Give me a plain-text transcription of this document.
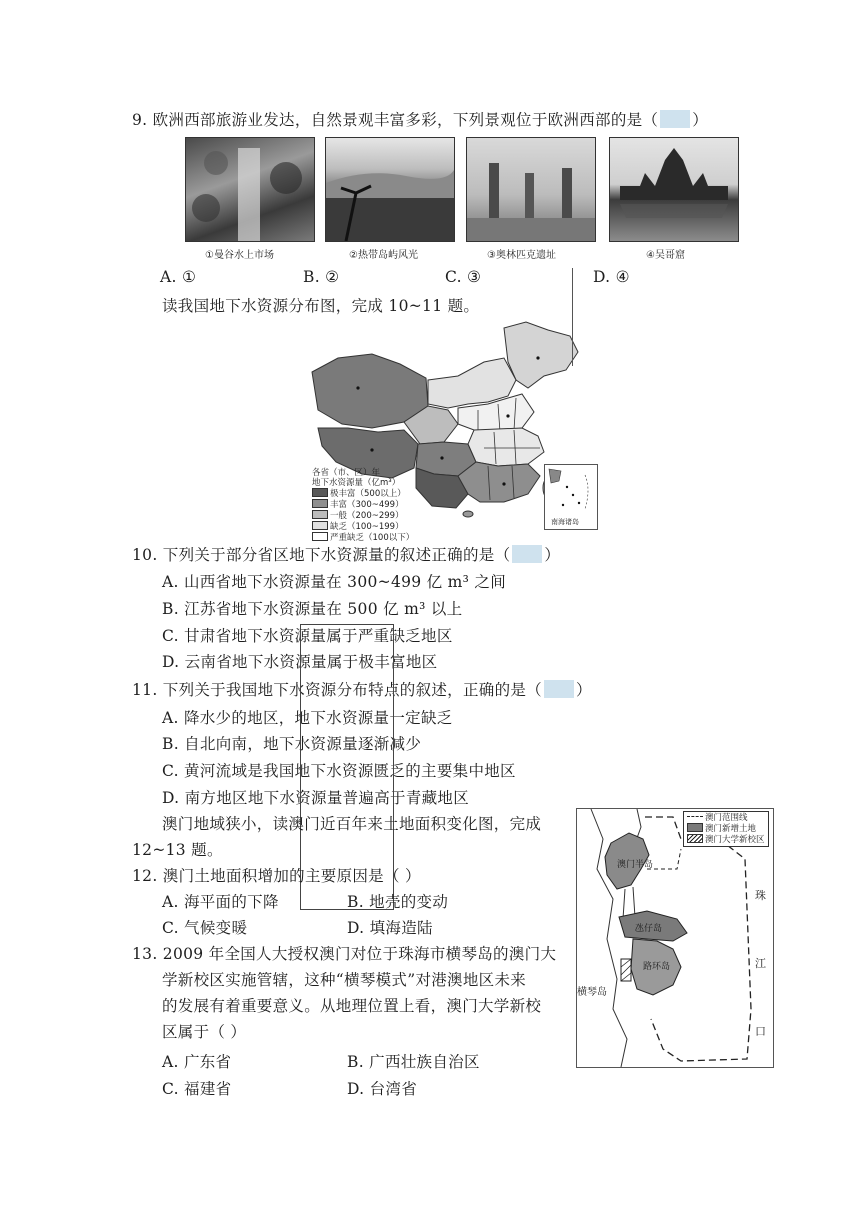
9. 欧洲西部旅游业发达，自然景观丰富多彩，下列景观位于欧洲西部的是（ ）
①曼谷水上市场	②热带岛屿风光	③奥林匹克遗址	④吴哥窟
A. ①	B. ②	C. ③	D. ④
读我国地下水资源分布图，完成 10~11 题。
各省（市、区）年
地下水资源量（亿m³）
极丰富（500以上）
丰富（300~499）
一般（200~299）
缺乏（100~199）
严重缺乏（100以下）
南海诸岛
10. 下列关于部分省区地下水资源量的叙述正确的是（ ）
A. 山西省地下水资源量在 300~499 亿 m³ 之间
B. 江苏省地下水资源量在 500 亿 m³ 以上
C. 甘肃省地下水资源量属于严重缺乏地区
D. 云南省地下水资源量属于极丰富地区
11. 下列关于我国地下水资源分布特点的叙述，正确的是（ ）
A. 降水少的地区，地下水资源量一定缺乏
B. 自北向南，地下水资源量逐渐减少
C. 黄河流域是我国地下水资源匮乏的主要集中地区
D. 南方地区地下水资源量普遍高于青藏地区
澳门地域狭小，读澳门近百年来土地面积变化图，完成
12~13 题。
12. 澳门土地面积增加的主要原因是（ ）
A. 海平面的下降	B. 地壳的变动
C. 气候变暖	D. 填海造陆
13. 2009 年全国人大授权澳门对位于珠海市横琴岛的澳门大
学新校区实施管辖，这种“横琴模式”对港澳地区未来
的发展有着重要意义。从地理位置上看，澳门大学新校
区属于（ ）
A. 广东省	B. 广西壮族自治区
C. 福建省	D. 台湾省
澳门范围线
澳门新增土地
澳门大学新校区
澳门半岛
氹仔岛
路环岛
横琴岛
珠
江
口
